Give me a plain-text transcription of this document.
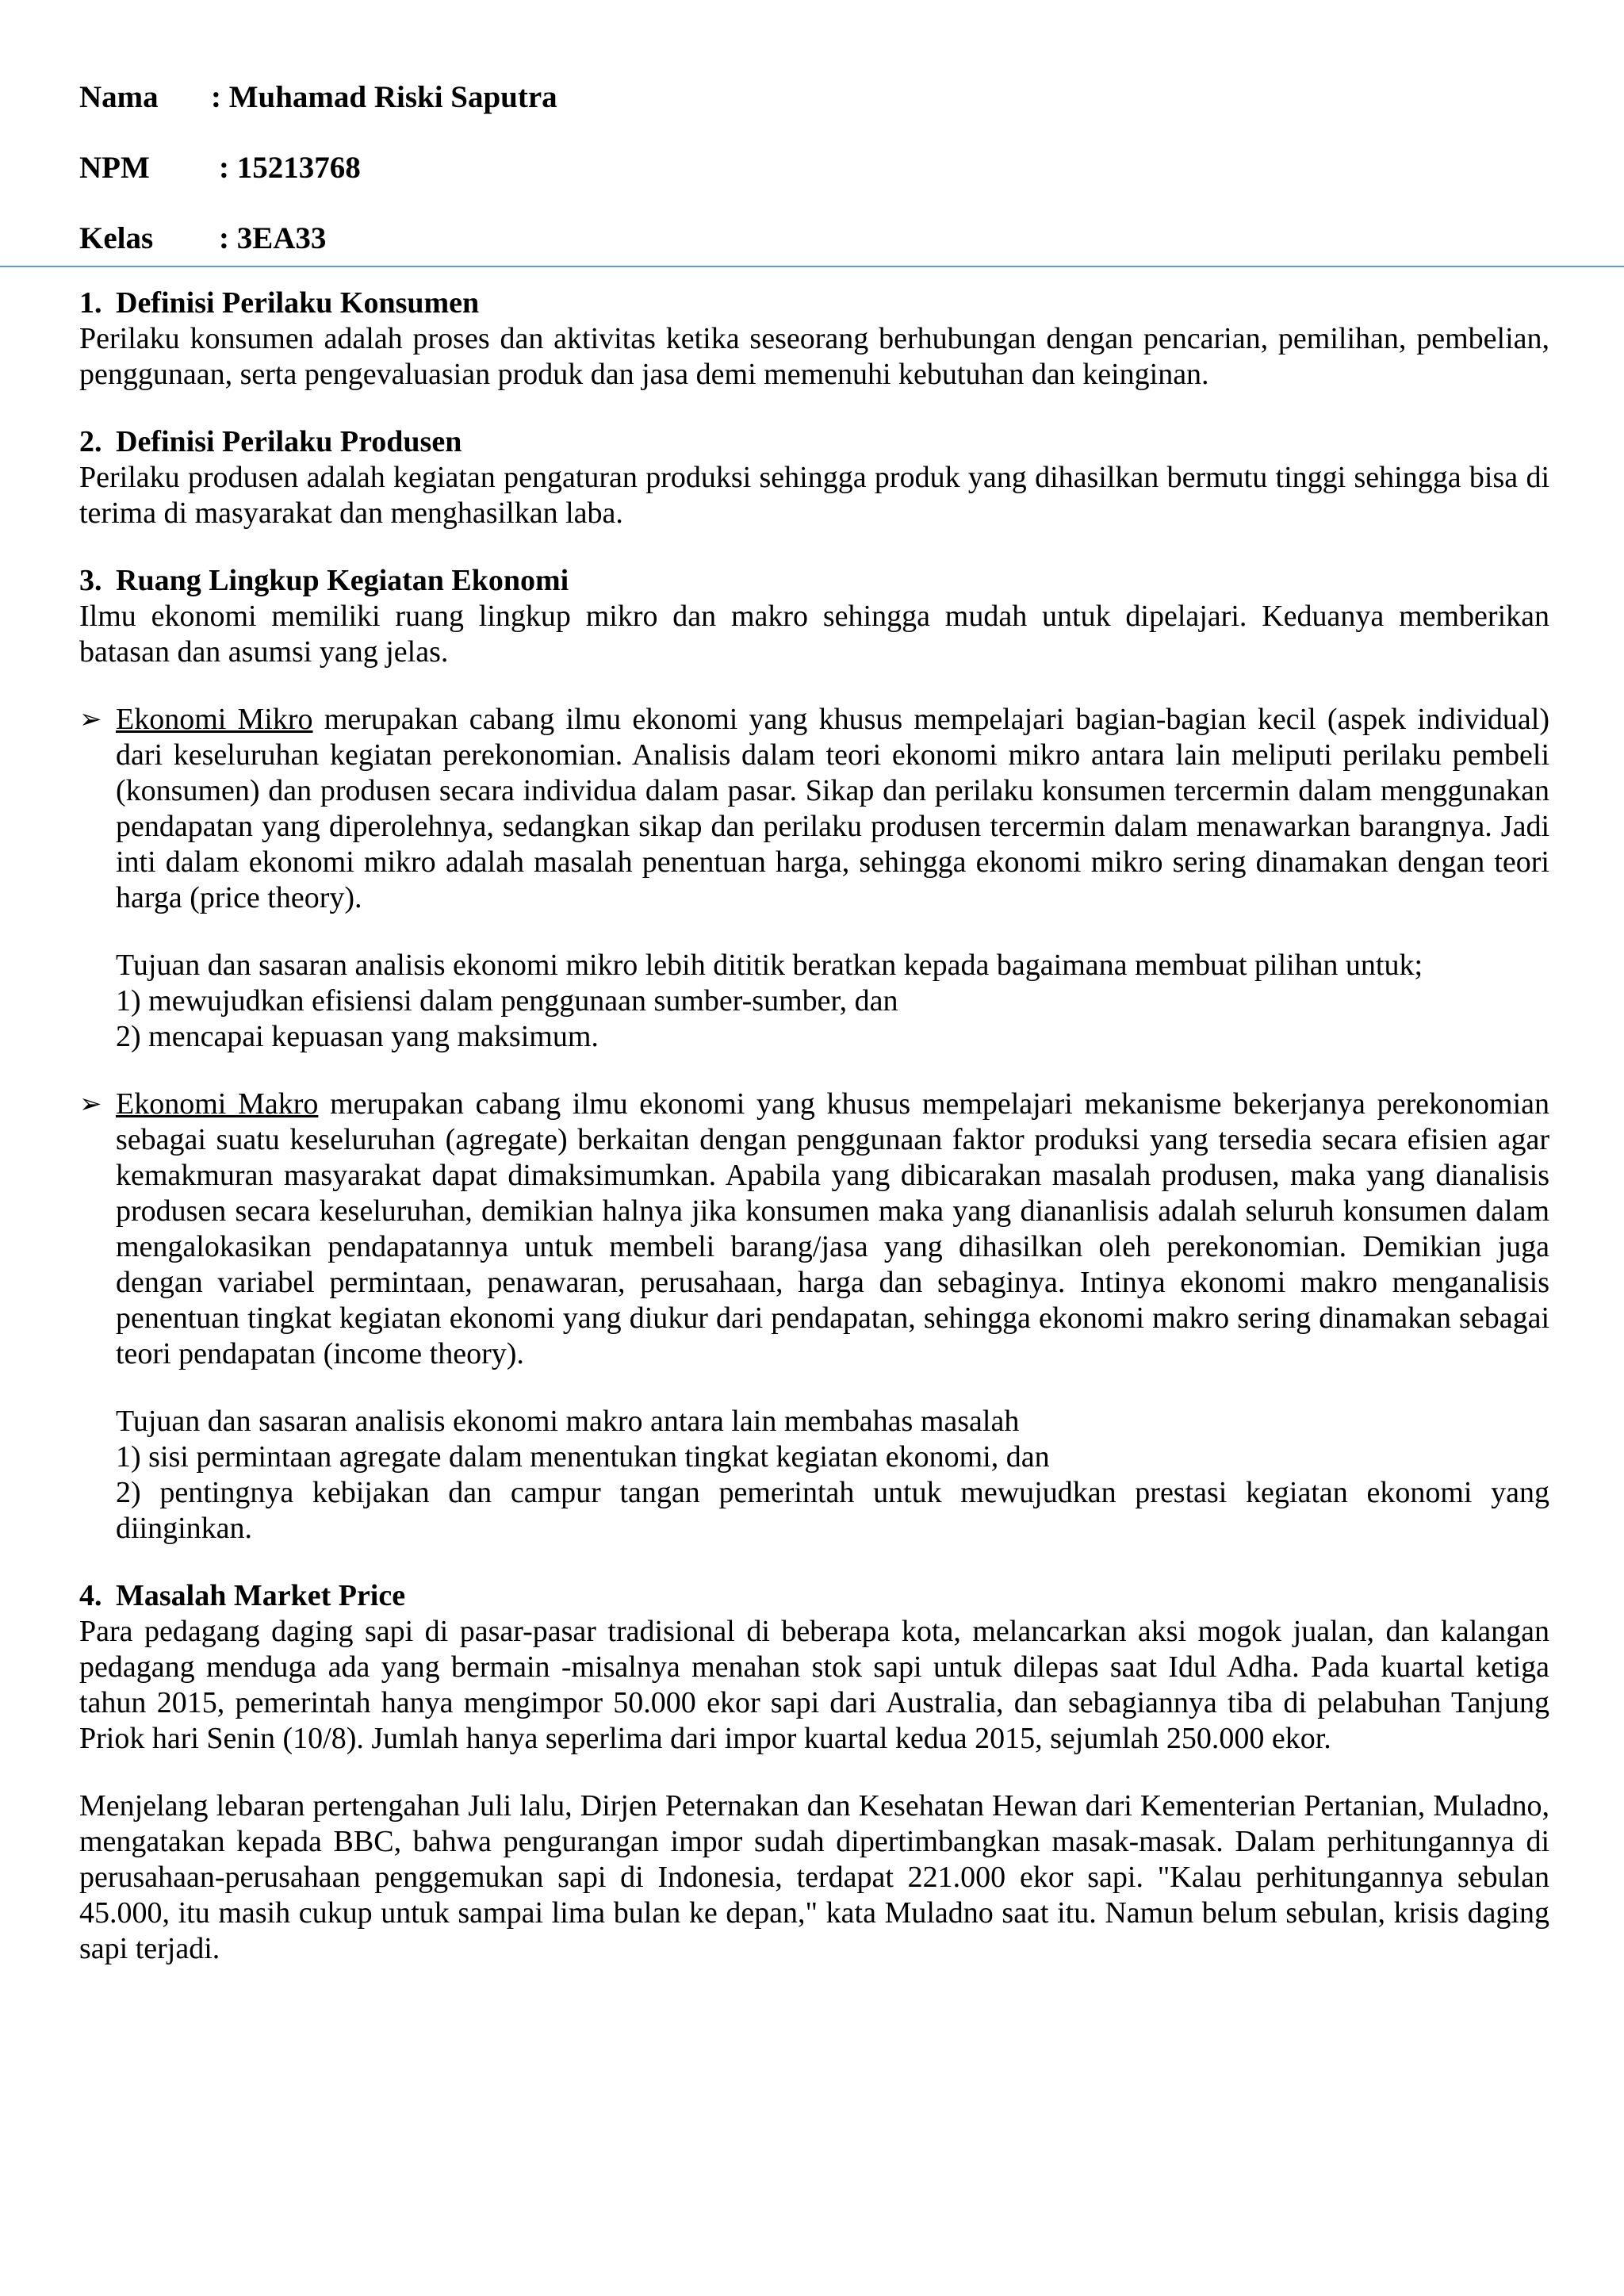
Nama	: Muhamad Riski Saputra
NPM	: 15213768
Kelas	: 3EA33
1. Definisi Perilaku Konsumen

Perilaku konsumen adalah proses dan aktivitas ketika seseorang berhubungan dengan pencarian, pemilihan, pembelian, penggunaan, serta pengevaluasian produk dan jasa demi memenuhi kebutuhan dan keinginan.

2. Definisi Perilaku Produsen

Perilaku produsen adalah kegiatan pengaturan produksi sehingga produk yang dihasilkan bermutu tinggi sehingga bisa di terima di masyarakat dan menghasilkan laba.

3. Ruang Lingkup Kegiatan Ekonomi

Ilmu ekonomi memiliki ruang lingkup mikro dan makro sehingga mudah untuk dipelajari. Keduanya memberikan batasan dan asumsi yang jelas.

➢ Ekonomi Mikro merupakan cabang ilmu ekonomi yang khusus mempelajari bagian-bagian kecil (aspek individual) dari keseluruhan kegiatan perekonomian. Analisis dalam teori ekonomi mikro antara lain meliputi perilaku pembeli (konsumen) dan produsen secara individua dalam pasar. Sikap dan perilaku konsumen tercermin dalam menggunakan pendapatan yang diperolehnya, sedangkan sikap dan perilaku produsen tercermin dalam menawarkan barangnya. Jadi inti dalam ekonomi mikro adalah masalah penentuan harga, sehingga ekonomi mikro sering dinamakan dengan teori harga (price theory).

Tujuan dan sasaran analisis ekonomi mikro lebih dititik beratkan kepada bagaimana membuat pilihan untuk;

1) mewujudkan efisiensi dalam penggunaan sumber-sumber, dan

2) mencapai kepuasan yang maksimum.

➢ Ekonomi Makro merupakan cabang ilmu ekonomi yang khusus mempelajari mekanisme bekerjanya perekonomian sebagai suatu keseluruhan (agregate) berkaitan dengan penggunaan faktor produksi yang tersedia secara efisien agar kemakmuran masyarakat dapat dimaksimumkan. Apabila yang dibicarakan masalah produsen, maka yang dianalisis produsen secara keseluruhan, demikian halnya jika konsumen maka yang diananlisis adalah seluruh konsumen dalam mengalokasikan pendapatannya untuk membeli barang/jasa yang dihasilkan oleh perekonomian. Demikian juga dengan variabel permintaan, penawaran, perusahaan, harga dan sebaginya. Intinya ekonomi makro menganalisis penentuan tingkat kegiatan ekonomi yang diukur dari pendapatan, sehingga ekonomi makro sering dinamakan sebagai teori pendapatan (income theory).

Tujuan dan sasaran analisis ekonomi makro antara lain membahas masalah

1) sisi permintaan agregate dalam menentukan tingkat kegiatan ekonomi, dan

2) pentingnya kebijakan dan campur tangan pemerintah untuk mewujudkan prestasi kegiatan ekonomi yang diinginkan.

4. Masalah Market Price

Para pedagang daging sapi di pasar-pasar tradisional di beberapa kota, melancarkan aksi mogok jualan, dan kalangan pedagang menduga ada yang bermain -misalnya menahan stok sapi untuk dilepas saat Idul Adha. Pada kuartal ketiga tahun 2015, pemerintah hanya mengimpor 50.000 ekor sapi dari Australia, dan sebagiannya tiba di pelabuhan Tanjung Priok hari Senin (10/8). Jumlah hanya seperlima dari impor kuartal kedua 2015, sejumlah 250.000 ekor.

Menjelang lebaran pertengahan Juli lalu, Dirjen Peternakan dan Kesehatan Hewan dari Kementerian Pertanian, Muladno, mengatakan kepada BBC, bahwa pengurangan impor sudah dipertimbangkan masak-masak. Dalam perhitungannya di perusahaan-perusahaan penggemukan sapi di Indonesia, terdapat 221.000 ekor sapi. "Kalau perhitungannya sebulan 45.000, itu masih cukup untuk sampai lima bulan ke depan," kata Muladno saat itu. Namun belum sebulan, krisis daging sapi terjadi.
